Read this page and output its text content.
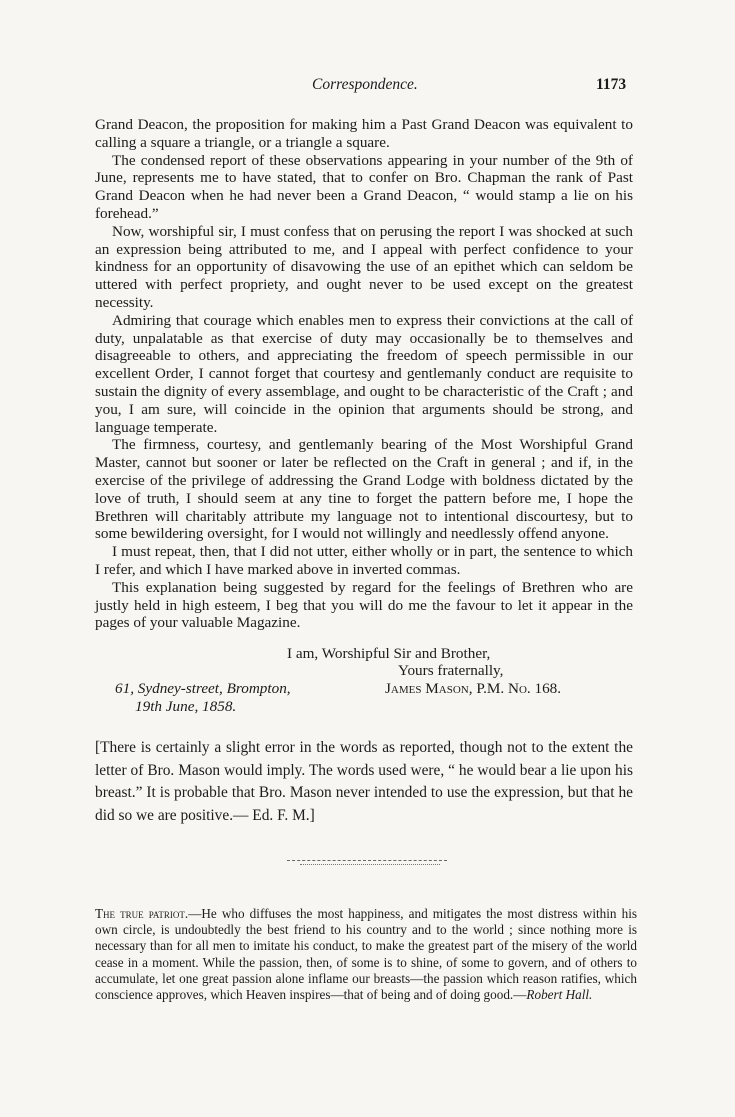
Correspondence.	1173

Grand Deacon, the proposition for making him a Past Grand Deacon was equivalent to calling a square a triangle, or a triangle a square.

The condensed report of these observations appearing in your number of the 9th of June, represents me to have stated, that to confer on Bro. Chapman the rank of Past Grand Deacon when he had never been a Grand Deacon, “ would stamp a lie on his forehead.”

Now, worshipful sir, I must confess that on perusing the report I was shocked at such an expression being attributed to me, and I appeal with perfect confidence to your kindness for an opportunity of disavowing the use of an epithet which can seldom be uttered with perfect propriety, and ought never to be used except on the greatest necessity.

Admiring that courage which enables men to express their convictions at the call of duty, unpalatable as that exercise of duty may occasionally be to themselves and disagreeable to others, and appreciating the freedom of speech permissible in our excellent Order, I cannot forget that courtesy and gentlemanly conduct are requisite to sustain the dignity of every assemblage, and ought to be characteristic of the Craft ; and you, I am sure, will coincide in the opinion that arguments should be strong, and language temperate.

The firmness, courtesy, and gentlemanly bearing of the Most Worshipful Grand Master, cannot but sooner or later be reflected on the Craft in general ; and if, in the exercise of the privilege of addressing the Grand Lodge with boldness dictated by the love of truth, I should seem at any tine to forget the pattern before me, I hope the Brethren will charitably attribute my language not to intentional discourtesy, but to some bewildering oversight, for I would not willingly and needlessly offend anyone.

I must repeat, then, that I did not utter, either wholly or in part, the sentence to which I refer, and which I have marked above in inverted commas.

This explanation being suggested by regard for the feelings of Brethren who are justly held in high esteem, I beg that you will do me the favour to let it appear in the pages of your valuable Magazine.

I am, Worshipful Sir and Brother,
Yours fraternally,
61, Sydney-street, Brompton,	James Mason, P.M. No. 168.
19th June, 1858.

[There is certainly a slight error in the words as reported, though not to the extent the letter of Bro. Mason would imply. The words used were, “ he would bear a lie upon his breast.” It is probable that Bro. Mason never intended to use the expression, but that he did so we are positive.— Ed. F. M.]

The true patriot.—He who diffuses the most happiness, and mitigates the most distress within his own circle, is undoubtedly the best friend to his country and to the world ; since nothing more is necessary than for all men to imitate his conduct, to make the greatest part of the misery of the world cease in a moment. While the passion, then, of some is to shine, of some to govern, and of others to accumulate, let one great passion alone inflame our breasts—the passion which reason ratifies, which conscience approves, which Heaven inspires—that of being and of doing good.—Robert Hall.
